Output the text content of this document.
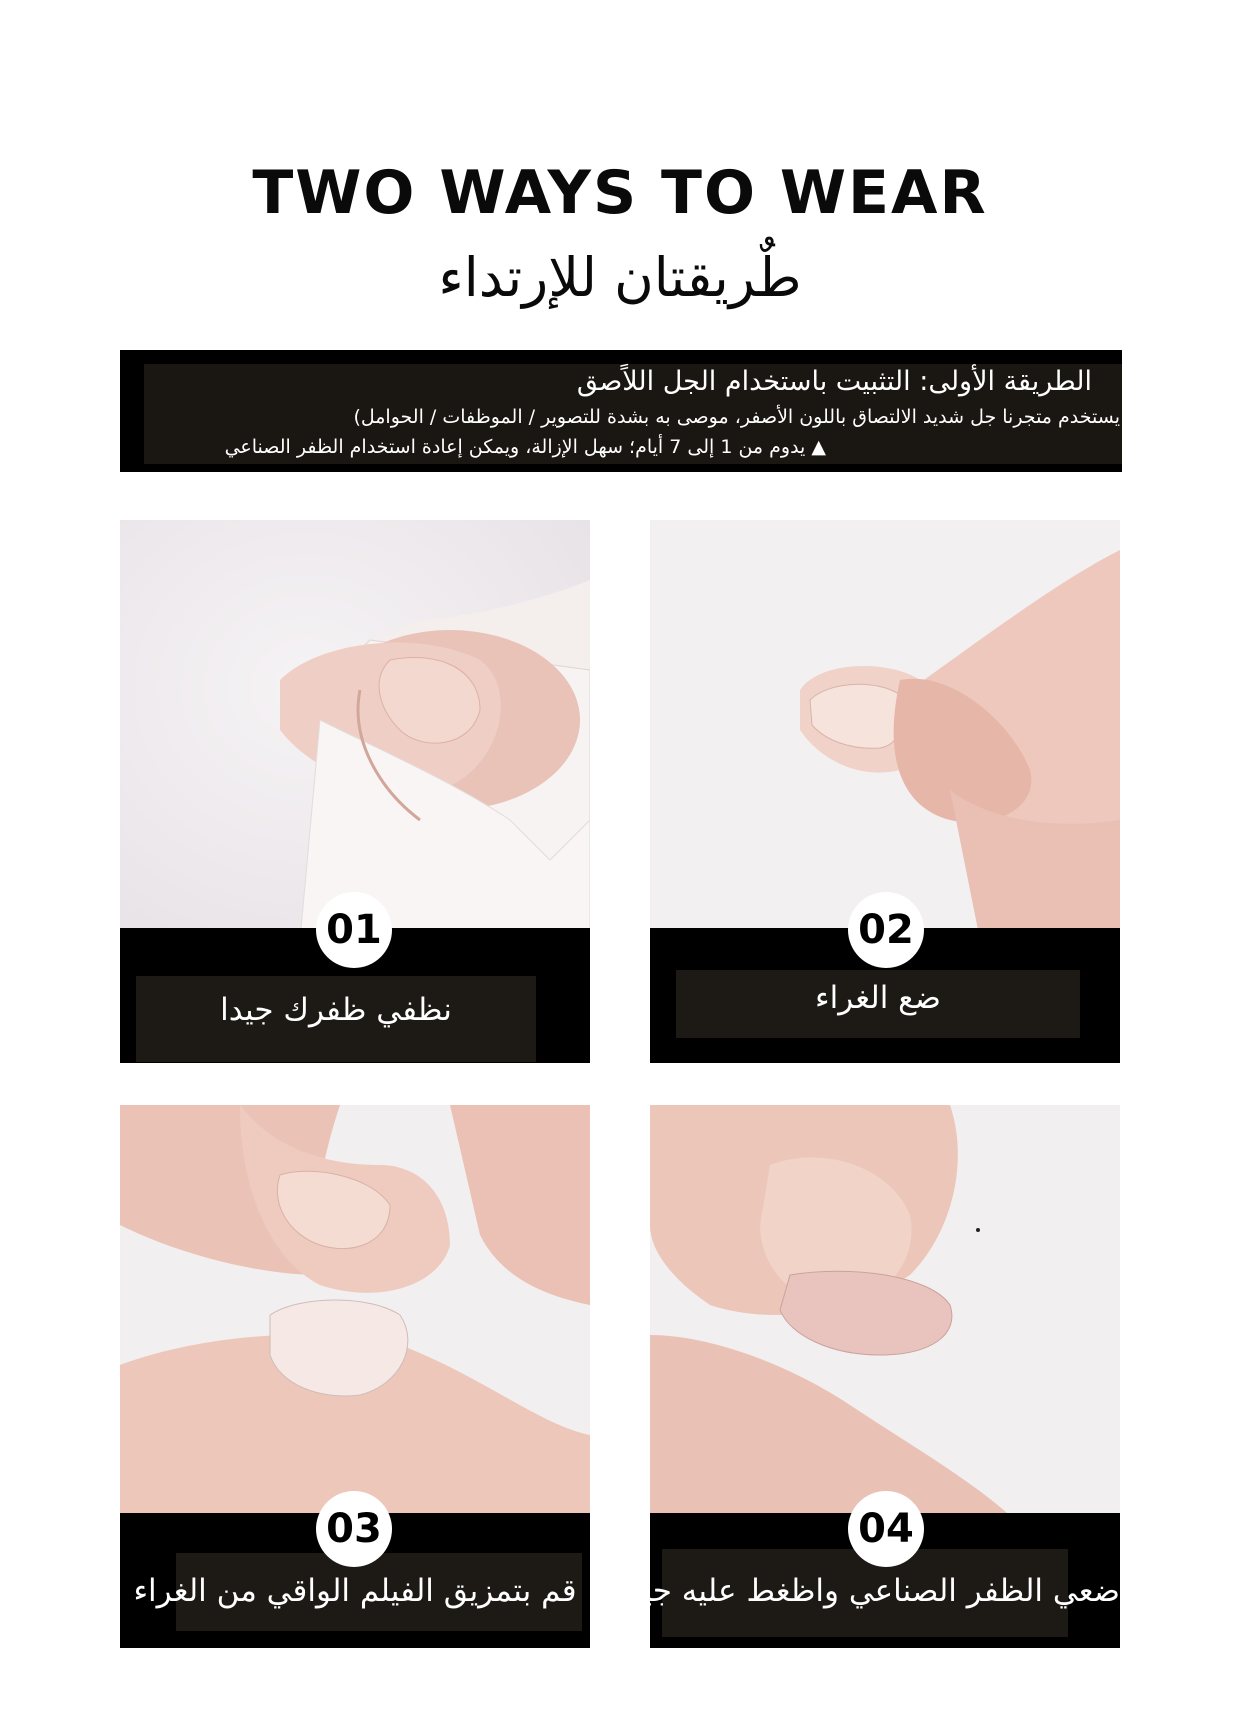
TWO WAYS TO WEAR
طٌريقتان للإرتداء
الطريقة الأولى: التثبيت باستخدام الجل اللاًصق
يستخدم متجرنا جل شديد الالتصاق باللون الأصفر، موصى به بشدة للتصوير / الموظفات / الحوامل)
▲ يدوم من 1 إلى 7 أيام؛ سهل الإزالة، ويمكن إعادة استخدام الظفر الصناعي
نظفي ظفرك جيدا
01
ضع الغراء
02
قم بتمزيق الفيلم الواقي من الغراء
03
ضعي الظفر الصناعي واظغط عليه جيدا
04
